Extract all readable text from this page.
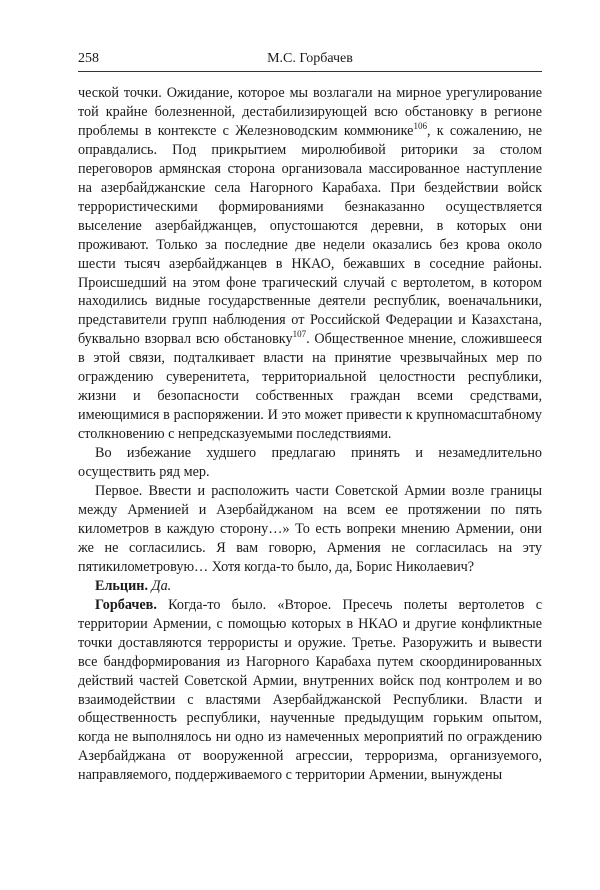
258	М.С. Горбачев

ческой точки. Ожидание, которое мы возлагали на мирное урегулирование той крайне болезненной, дестабилизирующей всю обстановку в регионе проблемы в контексте с Железноводским коммюнике$^{106}$, к сожалению, не оправдались. Под прикрытием миролюбивой риторики за столом переговоров армянская сторона организовала массированное наступление на азербайджанские села Нагорного Карабаха. При бездействии войск террористическими формированиями безнаказанно осуществляется выселение азербайджанцев, опустошаются деревни, в которых они проживают. Только за последние две недели оказались без крова около шести тысяч азербайджанцев в НКАО, бежавших в соседние районы. Происшедший на этом фоне трагический случай с вертолетом, в котором находились видные государственные деятели республик, военачальники, представители групп наблюдения от Российской Федерации и Казахстана, буквально взорвал всю обстановку$^{107}$. Общественное мнение, сложившееся в этой связи, подталкивает власти на принятие чрезвычайных мер по ограждению суверенитета, территориальной целостности республики, жизни и безопасности собственных граждан всеми средствами, имеющимися в распоряжении. И это может привести к крупномасштабному столкновению с непредсказуемыми последствиями.

Во избежание худшего предлагаю принять и незамедлительно осуществить ряд мер.

Первое. Ввести и расположить части Советской Армии возле границы между Арменией и Азербайджаном на всем ее протяжении по пять километров в каждую сторону…» То есть вопреки мнению Армении, они же не согласились. Я вам говорю, Армения не согласилась на эту пятикилометровую… Хотя когда-то было, да, Борис Николаевич?

Ельцин. Да.

Горбачев. Когда-то было. «Второе. Пресечь полеты вертолетов с территории Армении, с помощью которых в НКАО и другие конфликтные точки доставляются террористы и оружие. Третье. Разоружить и вывести все бандформирования из Нагорного Карабаха путем скоординированных действий частей Советской Армии, внутренних войск под контролем и во взаимодействии с властями Азербайджанской Республики. Власти и общественность республики, наученные предыдущим горьким опытом, когда не выполнялось ни одно из намеченных мероприятий по ограждению Азербайджана от вооруженной агрессии, терроризма, организуемого, направляемого, поддерживаемого с территории Армении, вынуждены
